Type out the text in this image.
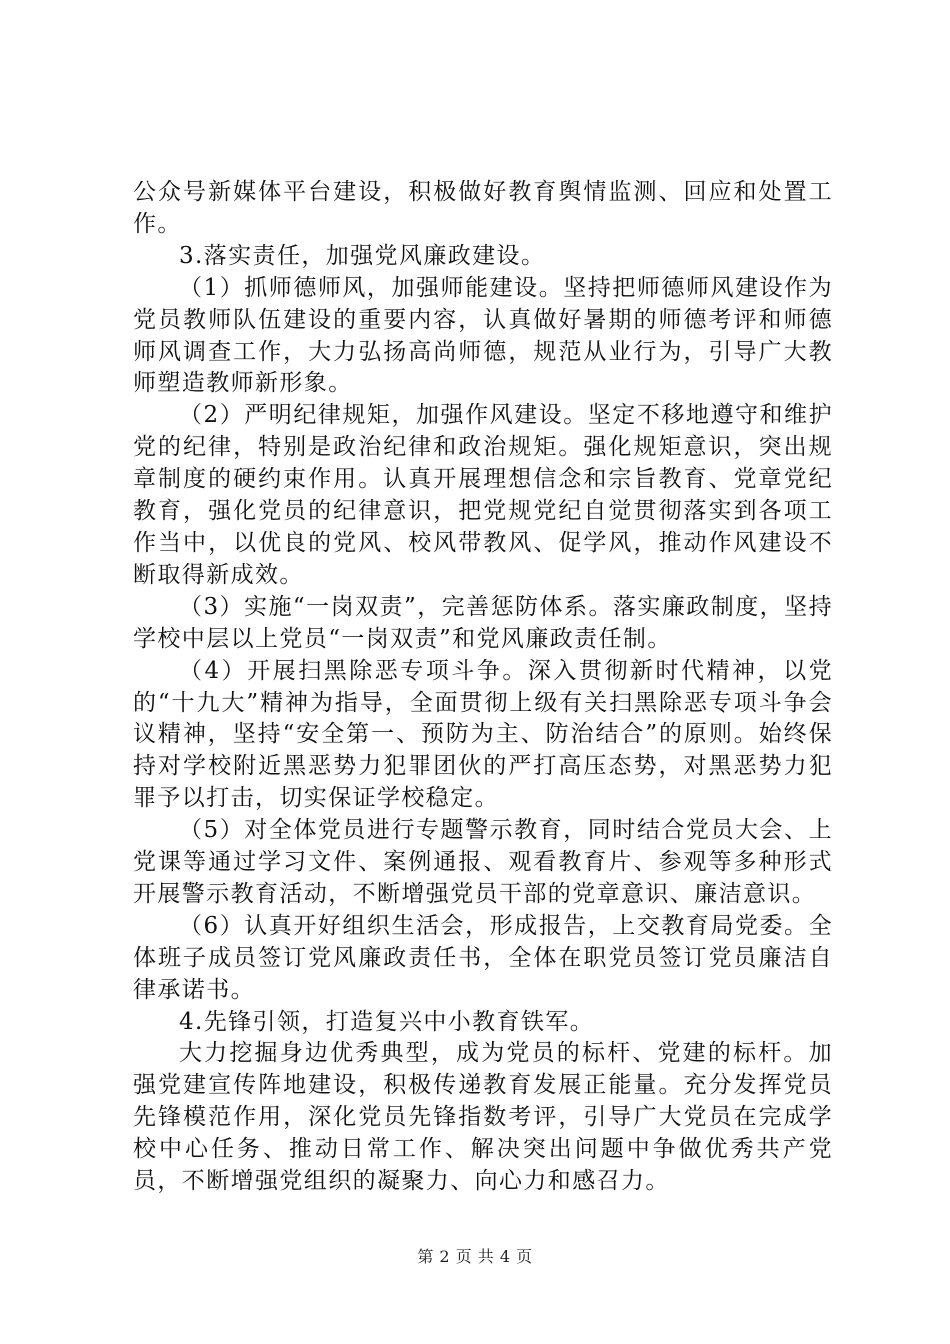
公众号新媒体平台建设，积极做好教育舆情监测、回应和处置工作。

3.落实责任，加强党风廉政建设。

（1）抓师德师风，加强师能建设。坚持把师德师风建设作为党员教师队伍建设的重要内容，认真做好暑期的师德考评和师德师风调查工作，大力弘扬高尚师德，规范从业行为，引导广大教师塑造教师新形象。

（2）严明纪律规矩，加强作风建设。坚定不移地遵守和维护党的纪律，特别是政治纪律和政治规矩。强化规矩意识，突出规章制度的硬约束作用。认真开展理想信念和宗旨教育、党章党纪教育，强化党员的纪律意识，把党规党纪自觉贯彻落实到各项工作当中，以优良的党风、校风带教风、促学风，推动作风建设不断取得新成效。

（3）实施“一岗双责”，完善惩防体系。落实廉政制度，坚持学校中层以上党员“一岗双责”和党风廉政责任制。

（4）开展扫黑除恶专项斗争。深入贯彻新时代精神，以党的“十九大”精神为指导，全面贯彻上级有关扫黑除恶专项斗争会议精神，坚持“安全第一、预防为主、防治结合”的原则。始终保持对学校附近黑恶势力犯罪团伙的严打高压态势，对黑恶势力犯罪予以打击，切实保证学校稳定。

（5）对全体党员进行专题警示教育，同时结合党员大会、上党课等通过学习文件、案例通报、观看教育片、参观等多种形式开展警示教育活动，不断增强党员干部的党章意识、廉洁意识。

（6）认真开好组织生活会，形成报告，上交教育局党委。全体班子成员签订党风廉政责任书，全体在职党员签订党员廉洁自律承诺书。

4.先锋引领，打造复兴中小教育铁军。

大力挖掘身边优秀典型，成为党员的标杆、党建的标杆。加强党建宣传阵地建设，积极传递教育发展正能量。充分发挥党员先锋模范作用，深化党员先锋指数考评，引导广大党员在完成学校中心任务、推动日常工作、解决突出问题中争做优秀共产党员，不断增强党组织的凝聚力、向心力和感召力。

第 2 页 共 4 页
